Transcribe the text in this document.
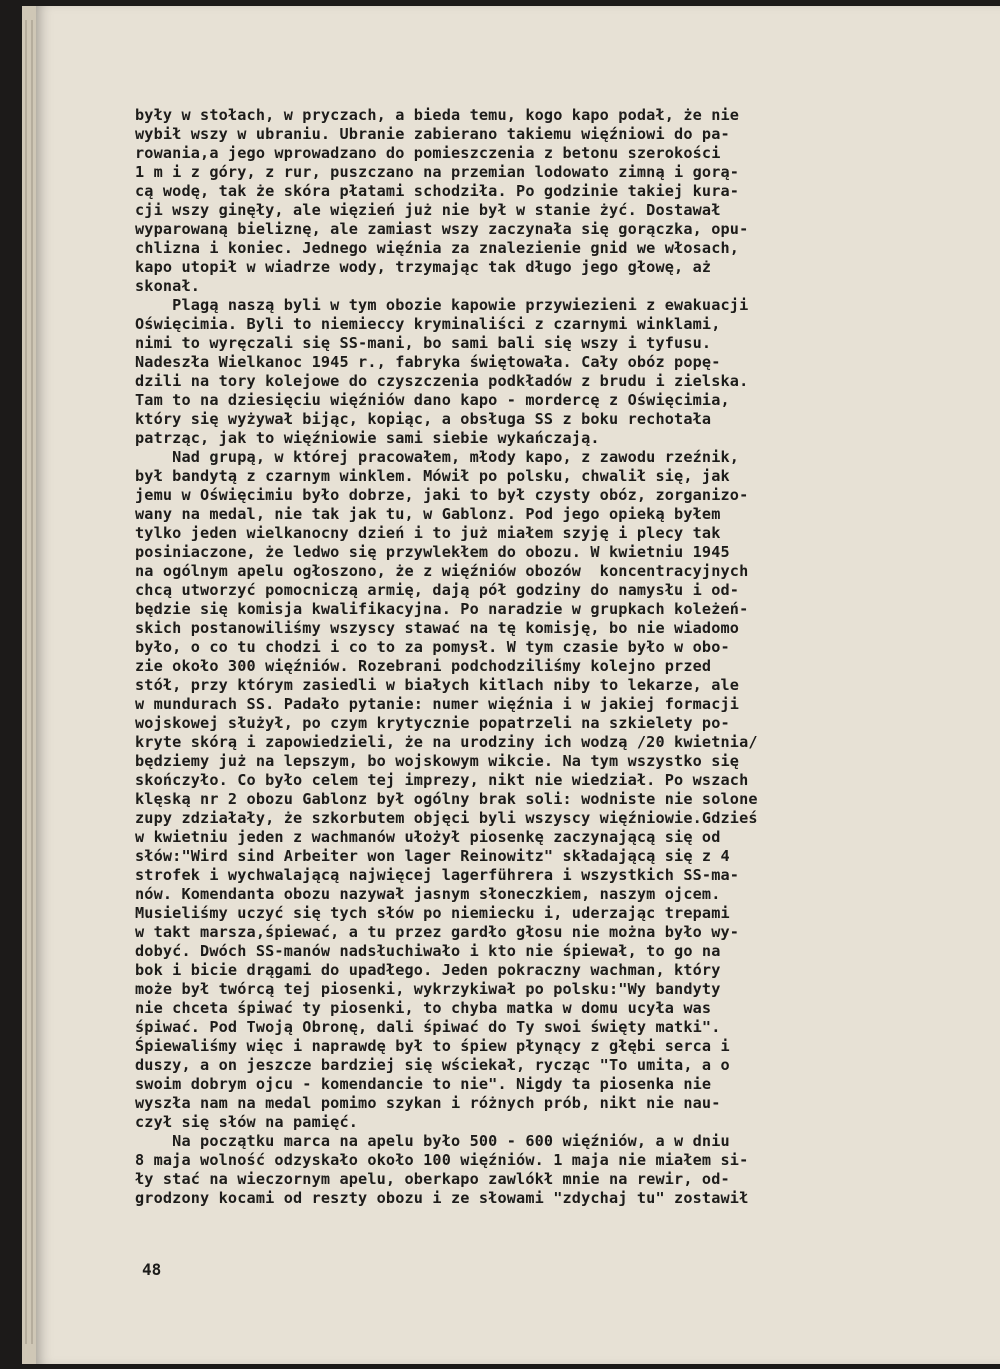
były w stołach, w pryczach, a bieda temu, kogo kapo podał, że nie
wybił wszy w ubraniu. Ubranie zabierano takiemu więźniowi do pa-
rowania,a jego wprowadzano do pomieszczenia z betonu szerokości
1 m i z góry, z rur, puszczano na przemian lodowato zimną i gorą-
cą wodę, tak że skóra płatami schodziła. Po godzinie takiej kura-
cji wszy ginęły, ale więzień już nie był w stanie żyć. Dostawał
wyparowaną bieliznę, ale zamiast wszy zaczynała się gorączka, opu-
chlizna i koniec. Jednego więźnia za znalezienie gnid we włosach,
kapo utopił w wiadrze wody, trzymając tak długo jego głowę, aż
skonał.
Plagą naszą byli w tym obozie kapowie przywiezieni z ewakuacji
Oświęcimia. Byli to niemieccy kryminaliści z czarnymi winklami,
nimi to wyręczali się SS-mani, bo sami bali się wszy i tyfusu.
Nadeszła Wielkanoc 1945 r., fabryka świętowała. Cały obóz popę-
dzili na tory kolejowe do czyszczenia podkładów z brudu i zielska.
Tam to na dziesięciu więźniów dano kapo - mordercę z Oświęcimia,
który się wyżywał bijąc, kopiąc, a obsługa SS z boku rechotała
patrząc, jak to więźniowie sami siebie wykańczają.
Nad grupą, w której pracowałem, młody kapo, z zawodu rzeźnik,
był bandytą z czarnym winklem. Mówił po polsku, chwalił się, jak
jemu w Oświęcimiu było dobrze, jaki to był czysty obóz, zorganizo-
wany na medal, nie tak jak tu, w Gablonz. Pod jego opieką byłem
tylko jeden wielkanocny dzień i to już miałem szyję i plecy tak
posiniaczone, że ledwo się przywlekłem do obozu. W kwietniu 1945
na ogólnym apelu ogłoszono, że z więźniów obozów  koncentracyjnych
chcą utworzyć pomocniczą armię, dają pół godziny do namysłu i od-
będzie się komisja kwalifikacyjna. Po naradzie w grupkach koleżeń-
skich postanowiliśmy wszyscy stawać na tę komisję, bo nie wiadomo
było, o co tu chodzi i co to za pomysł. W tym czasie było w obo-
zie około 300 więźniów. Rozebrani podchodziliśmy kolejno przed
stół, przy którym zasiedli w białych kitlach niby to lekarze, ale
w mundurach SS. Padało pytanie: numer więźnia i w jakiej formacji
wojskowej służył, po czym krytycznie popatrzeli na szkielety po-
kryte skórą i zapowiedzieli, że na urodziny ich wodzą /20 kwietnia/
będziemy już na lepszym, bo wojskowym wikcie. Na tym wszystko się
skończyło. Co było celem tej imprezy, nikt nie wiedział. Po wszach
klęską nr 2 obozu Gablonz był ogólny brak soli: wodniste nie solone
zupy zdziałały, że szkorbutem objęci byli wszyscy więźniowie.Gdzieś
w kwietniu jeden z wachmanów ułożył piosenkę zaczynającą się od
słów:"Wird sind Arbeiter won lager Reinowitz" składającą się z 4
strofek i wychwalającą najwięcej lagerführera i wszystkich SS-ma-
nów. Komendanta obozu nazywał jasnym słoneczkiem, naszym ojcem.
Musieliśmy uczyć się tych słów po niemiecku i, uderzając trepami
w takt marsza,śpiewać, a tu przez gardło głosu nie można było wy-
dobyć. Dwóch SS-manów nadsłuchiwało i kto nie śpiewał, to go na
bok i bicie drągami do upadłego. Jeden pokraczny wachman, który
może był twórcą tej piosenki, wykrzykiwał po polsku:"Wy bandyty
nie chceta śpiwać ty piosenki, to chyba matka w domu ucyła was
śpiwać. Pod Twoją Obronę, dali śpiwać do Ty swoi święty matki".
Śpiewaliśmy więc i naprawdę był to śpiew płynący z głębi serca i
duszy, a on jeszcze bardziej się wściekał, rycząc "To umita, a o
swoim dobrym ojcu - komendancie to nie". Nigdy ta piosenka nie
wyszła nam na medal pomimo szykan i różnych prób, nikt nie nau-
czył się słów na pamięć.
Na początku marca na apelu było 500 - 600 więźniów, a w dniu
8 maja wolność odzyskało około 100 więźniów. 1 maja nie miałem si-
ły stać na wieczornym apelu, oberkapo zawlókł mnie na rewir, od-
grodzony kocami od reszty obozu i ze słowami "zdychaj tu" zostawił
48
